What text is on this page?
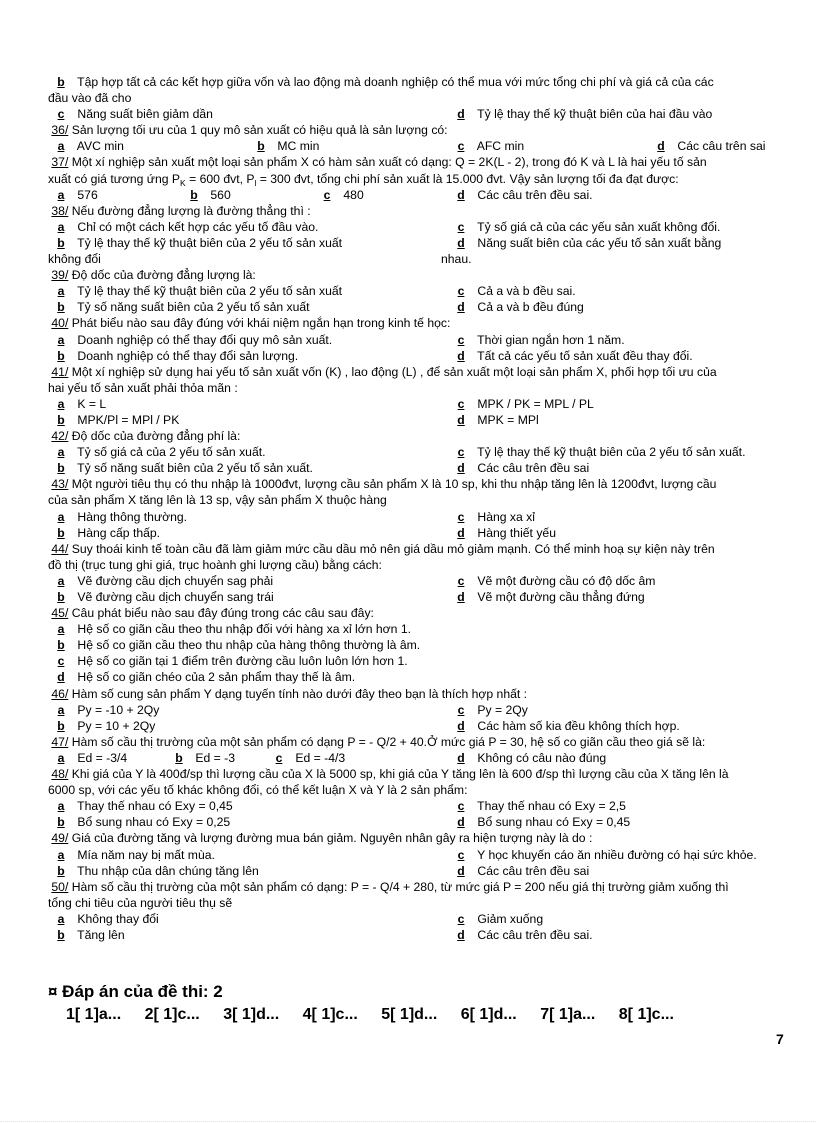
b Tập hợp tất cả các kết hợp giữa vốn và lao động mà doanh nghiệp có thể mua với mức tổng chi phí và giá cả của các
đầu vào đã cho
c Năng suất biên giảm dần	d Tỷ lệ thay thế kỹ thuật biên của hai đầu vào
36/ Sản lượng tối ưu của 1 quy mô sản xuất có hiệu quả là sản lượng có:
a AVC min	b MC min	c AFC min	d Các câu trên sai
37/ Một xí nghiệp sản xuất một loại sản phẩm X có hàm sản xuất có dạng: Q = 2K(L - 2), trong đó K và L là hai yếu tố sản
xuất có giá tương ứng $P_K = 600$ đvt, $P_l = 300$ đvt, tổng chi phí sản xuất là 15.000 đvt. Vậy sản lượng tối đa đạt được:
a 576	b 560	c 480	d Các câu trên đều sai.
38/ Nếu đường đẳng lượng là đường thẳng thì :
a Chỉ có một cách kết hợp các yếu tố đầu vào.	c Tỷ số giá cả của các yếu sản xuất không đổi.
b Tỷ lệ thay thế kỹ thuật biên của 2 yếu tố sản xuất	d Năng suất biên của các yếu tố sản xuất bằng
không đổi	nhau.
39/ Độ dốc của đường đẳng lượng là:
a Tỷ lệ thay thế kỹ thuật biên của 2 yếu tố sản xuất	c Cả a và b đều sai.
b Tỷ số năng suất biên của 2 yếu tố sản xuất	d Cả a và b đều đúng
40/ Phát biểu nào sau đây đúng với khái niệm ngắn hạn trong kinh tế học:
a Doanh nghiệp có thể thay đổi quy mô sản xuất.	c Thời gian ngắn hơn 1 năm.
b Doanh nghiệp có thể thay đổi sản lượng.	d Tất cả các yếu tố sản xuất đều thay đổi.
41/ Một xí nghiệp sử dụng hai yếu tố sản xuất vốn (K) , lao động (L) , để sản xuất một loại sản phẩm X, phối hợp tối ưu của
hai yếu tố sản xuất phải thỏa mãn :
a K = L	c MPK / PK = MPL / PL
b MPK/Pl = MPl / PK	d MPK = MPl
42/ Độ dốc của đường đẳng phí là:
a Tỷ số giá cả của 2 yếu tố sản xuất.	c Tỷ lệ thay thế kỹ thuật biên của 2 yếu tố sản xuất.
b Tỷ số năng suất biên của 2 yếu tố sản xuất.	d Các câu trên đều sai
43/ Một người tiêu thụ có thu nhập là 1000đvt, lượng cầu sản phẩm X là 10 sp, khi thu nhập tăng lên là 1200đvt, lượng cầu
của sản phẩm X tăng lên là 13 sp, vậy sản phẩm X thuộc hàng
a Hàng thông thường.	c Hàng xa xỉ
b Hàng cấp thấp.	d Hàng thiết yếu
44/ Suy thoái kinh tế toàn cầu đã làm giảm mức cầu dầu mỏ nên giá dầu mỏ giảm mạnh. Có thể minh hoạ sự kiện này trên
đồ thị (trục tung ghi giá, trục hoành ghi lượng cầu) bằng cách:
a Vẽ đường cầu dịch chuyển sag phải	c Vẽ một đường cầu có độ dốc âm
b Vẽ đường cầu dịch chuyển sang trái	d Vẽ một đường cầu thẳng đứng
45/ Câu phát biểu nào sau đây đúng trong các câu sau đây:
a Hệ số co giãn cầu theo thu nhập đối với hàng xa xỉ lớn hơn 1.
b Hệ số co giãn cầu theo thu nhập của hàng thông thường là âm.
c Hệ số co giãn tại 1 điểm trên đường cầu luôn luôn lớn hơn 1.
d Hệ số co giãn chéo của 2 sản phẩm thay thế là âm.
46/ Hàm số cung sản phẩm Y dạng tuyến tính nào dưới đây theo bạn là thích hợp nhất :
a Py = -10 + 2Qy	c Py = 2Qy
b Py = 10 + 2Qy	d Các hàm số kia đều không thích hợp.
47/ Hàm số cầu thị trường của một sản phẩm có dạng P = - Q/2 + 40.Ở mức giá P = 30, hệ số co giãn cầu theo giá sẽ là:
a Ed = -3/4	b Ed = -3	c Ed = -4/3	d Không có câu nào đúng
48/ Khi giá của Y là 400đ/sp thì lượng cầu của X là 5000 sp, khi giá của Y tăng lên là 600 đ/sp thì lượng cầu của X tăng lên là
6000 sp, với các yếu tố khác không đổi, có thể kết luận X và Y là 2 sản phẩm:
a Thay thế nhau có Exy = 0,45	c Thay thế nhau có Exy = 2,5
b Bổ sung nhau có Exy = 0,25	d Bổ sung nhau có Exy = 0,45
49/ Giá của đường tăng và lượng đường mua bán giảm. Nguyên nhân gây ra hiện tượng này là do :
a Mía năm nay bị mất mùa.	c Y học khuyến cáo ăn nhiều đường có hại sức khỏe.
b Thu nhập của dân chúng tăng lên	d Các câu trên đều sai
50/ Hàm số cầu thị trường của một sản phẩm có dạng: P = - Q/4 + 280, từ mức giá P = 200 nếu giá thị trường giảm xuống thì
tổng chi tiêu của người tiêu thụ sẽ
a Không thay đổi	c Giảm xuống
b Tăng lên	d Các câu trên đều sai.
¤ Đáp án của đề thi: 2
1[ 1]a... 2[ 1]c... 3[ 1]d... 4[ 1]c... 5[ 1]d... 6[ 1]d... 7[ 1]a... 8[ 1]c...
7
